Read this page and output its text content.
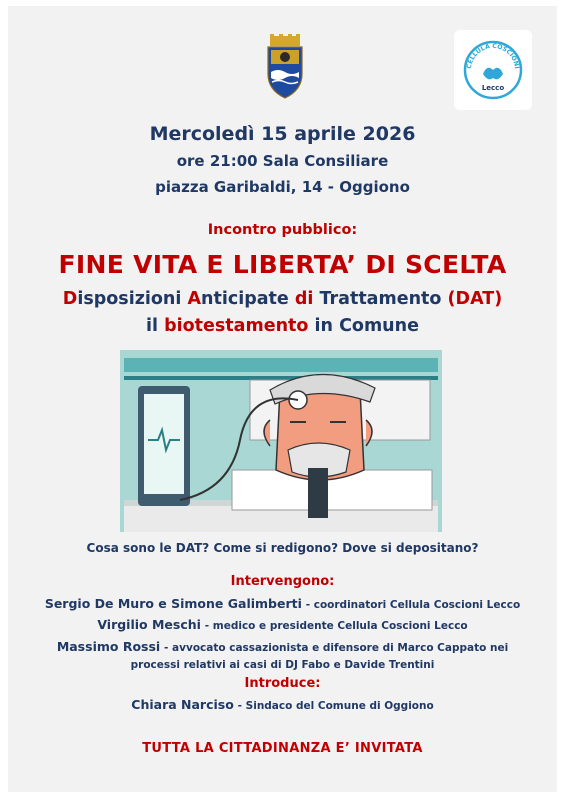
CELLULA COSCIONI
Lecco
Mercoledì 15 aprile 2026
ore 21:00 Sala Consiliare
piazza Garibaldi, 14 - Oggiono
Incontro pubblico:
FINE VITA E LIBERTA’ DI SCELTA
Disposizioni Anticipate di Trattamento (DAT)
il biotestamento in Comune
Cosa sono le DAT? Come si redigono? Dove si depositano?
Intervengono:
Sergio De Muro e Simone Galimberti - coordinatori Cellula Coscioni Lecco
Virgilio Meschi - medico e presidente Cellula Coscioni Lecco
Massimo Rossi - avvocato cassazionista e difensore di Marco Cappato nei
processi relativi ai casi di DJ Fabo e Davide Trentini
Introduce:
Chiara Narciso - Sindaco del Comune di Oggiono
TUTTA LA CITTADINANZA E’ INVITATA
